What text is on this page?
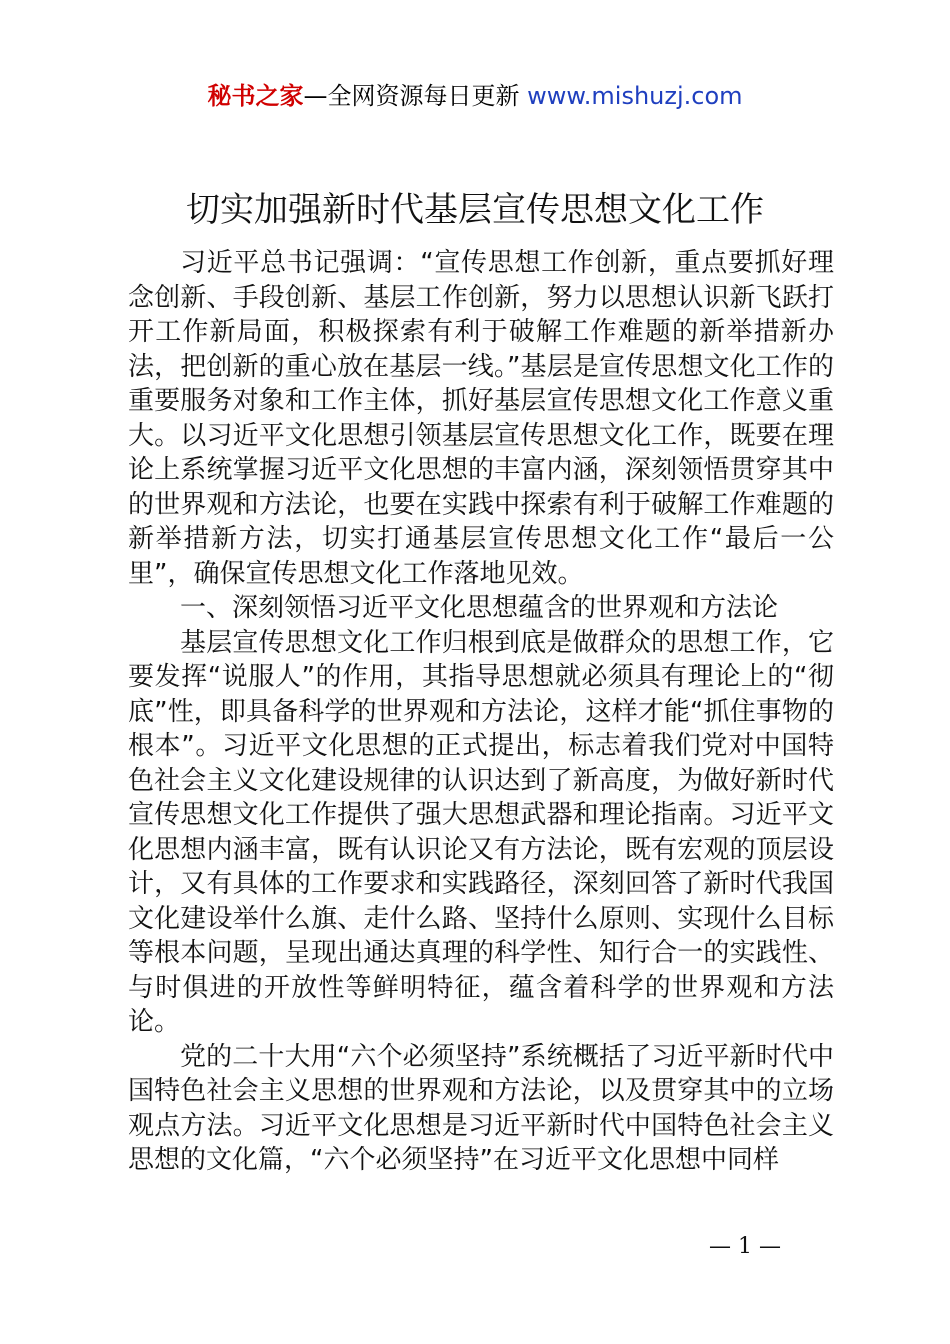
秘书之家—全网资源每日更新 www.mishuzj.com
切实加强新时代基层宣传思想文化工作

习近平总书记强调：“宣传思想工作创新，重点要抓好理念创新、手段创新、基层工作创新，努力以思想认识新飞跃打开工作新局面，积极探索有利于破解工作难题的新举措新办法，把创新的重心放在基层一线。”基层是宣传思想文化工作的重要服务对象和工作主体，抓好基层宣传思想文化工作意义重大。以习近平文化思想引领基层宣传思想文化工作，既要在理论上系统掌握习近平文化思想的丰富内涵，深刻领悟贯穿其中的世界观和方法论，也要在实践中探索有利于破解工作难题的新举措新方法，切实打通基层宣传思想文化工作“最后一公里”，确保宣传思想文化工作落地见效。

一、深刻领悟习近平文化思想蕴含的世界观和方法论

基层宣传思想文化工作归根到底是做群众的思想工作，它要发挥“说服人”的作用，其指导思想就必须具有理论上的“彻底”性，即具备科学的世界观和方法论，这样才能“抓住事物的根本”。习近平文化思想的正式提出，标志着我们党对中国特色社会主义文化建设规律的认识达到了新高度，为做好新时代宣传思想文化工作提供了强大思想武器和理论指南。习近平文化思想内涵丰富，既有认识论又有方法论，既有宏观的顶层设计，又有具体的工作要求和实践路径，深刻回答了新时代我国文化建设举什么旗、走什么路、坚持什么原则、实现什么目标等根本问题，呈现出通达真理的科学性、知行合一的实践性、与时俱进的开放性等鲜明特征，蕴含着科学的世界观和方法论。

党的二十大用“六个必须坚持”系统概括了习近平新时代中国特色社会主义思想的世界观和方法论，以及贯穿其中的立场观点方法。习近平文化思想是习近平新时代中国特色社会主义思想的文化篇，“六个必须坚持”在习近平文化思想中同样

— 1 —
